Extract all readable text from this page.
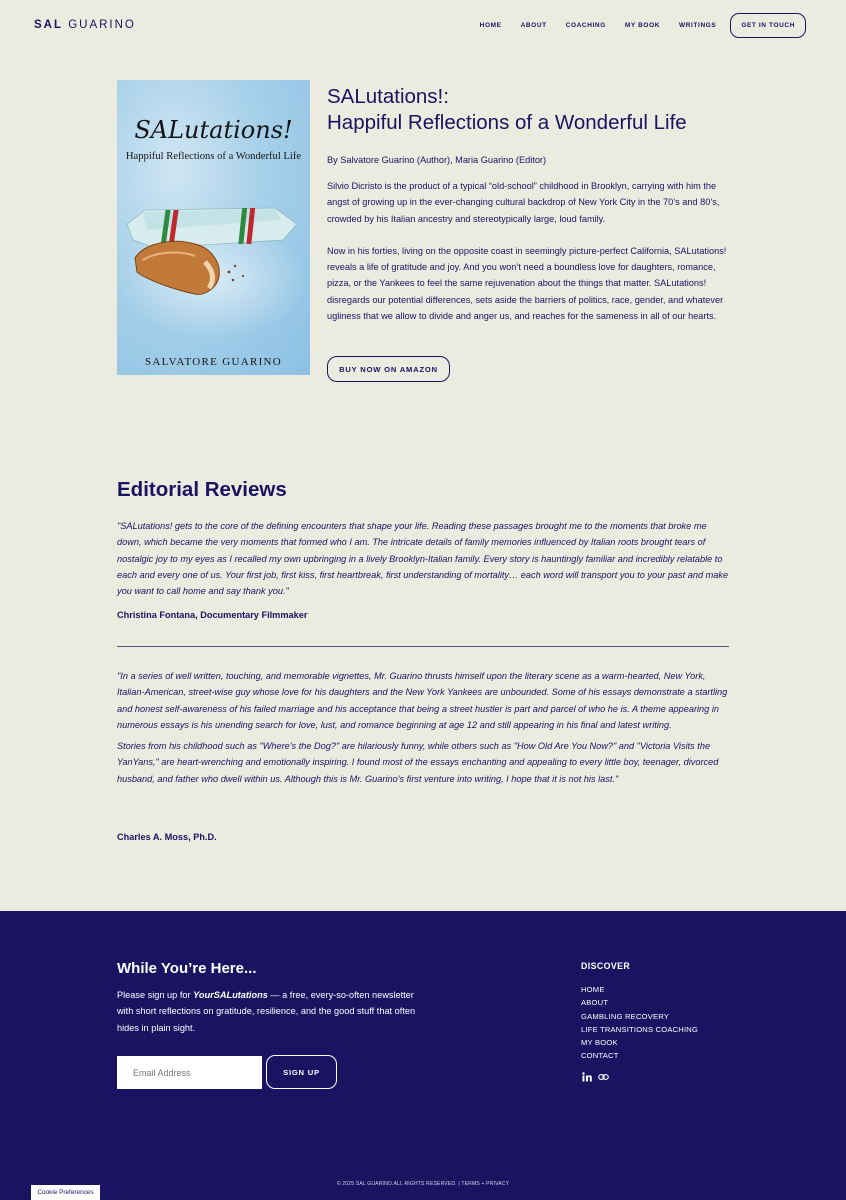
SAL GUARINO	HOME	ABOUT	COACHING	MY BOOK	WRITINGS	GET IN TOUCH
SALutations!
Happiful Reflections of a Wonderful Life
SALVATORE GUARINO
SALutations!:
Happiful Reflections of a Wonderful Life
By Salvatore Guarino (Author), Maria Guarino (Editor)

Silvio Dicristo is the product of a typical “old-school” childhood in Brooklyn, carrying with him the angst of growing up in the ever-changing cultural backdrop of New York City in the 70’s and 80’s, crowded by his Italian ancestry and stereotypically large, loud family.

Now in his forties, living on the opposite coast in seemingly picture-perfect California, SALutations! reveals a life of gratitude and joy. And you won’t need a boundless love for daughters, romance, pizza, or the Yankees to feel the same rejuvenation about the things that matter. SALutations! disregards our potential differences, sets aside the barriers of politics, race, gender, and whatever ugliness that we allow to divide and anger us, and reaches for the sameness in all of our hearts.

BUY NOW ON AMAZON
Editorial Reviews

"SALutations! gets to the core of the defining encounters that shape your life. Reading these passages brought me to the moments that broke me down, which became the very moments that formed who I am. The intricate details of family memories influenced by Italian roots brought tears of nostalgic joy to my eyes as I recalled my own upbringing in a lively Brooklyn-Italian family. Every story is hauntingly familiar and incredibly relatable to each and every one of us. Your first job, first kiss, first heartbreak, first understanding of mortality… each word will transport you to your past and make you want to call home and say thank you."

Christina Fontana, Documentary Filmmaker

"In a series of well written, touching, and memorable vignettes, Mr. Guarino thrusts himself upon the literary scene as a warm-hearted, New York, Italian-American, street-wise guy whose love for his daughters and the New York Yankees are unbounded. Some of his essays demonstrate a startling and honest self-awareness of his failed marriage and his acceptance that being a street hustler is part and parcel of who he is. A theme appearing in numerous essays is his unending search for love, lust, and romance beginning at age 12 and still appearing in his final and latest writing.

Stories from his childhood such as "Where's the Dog?" are hilariously funny, while others such as "How Old Are You Now?" and "Victoria Visits the YanYans," are heart-wrenching and emotionally inspiring. I found most of the essays enchanting and appealing to every little boy, teenager, divorced husband, and father who dwell within us. Although this is Mr. Guarino's first venture into writing, I hope that it is not his last."

Charles A. Moss, Ph.D.
While You’re Here...
Please sign up for YourSALutations — a free, every-so-often newsletter with short reflections on gratitude, resilience, and the good stuff that often hides in plain sight.
Email Address
SIGN UP
DISCOVER
HOME
ABOUT
GAMBLING RECOVERY
LIFE TRANSITIONS COACHING
MY BOOK
CONTACT
© 2025 SAL GUARINO.ALL RIGHTS RESERVED. | TERMS + PRIVACY
Cookie Preferences
